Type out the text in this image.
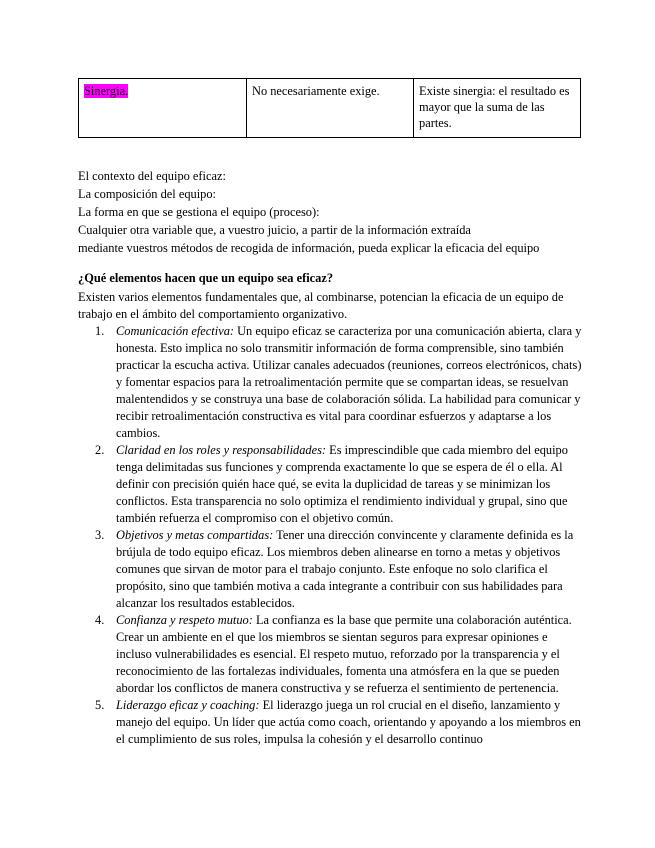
Sinergia.	No necesariamente exige.	Existe sinergia: el resultado es mayor que la suma de las partes.
El contexto del equipo eficaz:
La composición del equipo:
La forma en que se gestiona el equipo (proceso):
Cualquier otra variable que, a vuestro juicio, a partir de la información extraída
mediante vuestros métodos de recogida de información, pueda explicar la eficacia del equipo
¿Qué elementos hacen que un equipo sea eficaz?

Existen varios elementos fundamentales que, al combinarse, potencian la eficacia de un equipo de trabajo en el ámbito del comportamiento organizativo.

1. Comunicación efectiva: Un equipo eficaz se caracteriza por una comunicación abierta, clara y honesta. Esto implica no solo transmitir información de forma comprensible, sino también practicar la escucha activa. Utilizar canales adecuados (reuniones, correos electrónicos, chats) y fomentar espacios para la retroalimentación permite que se compartan ideas, se resuelvan malentendidos y se construya una base de colaboración sólida. La habilidad para comunicar y recibir retroalimentación constructiva es vital para coordinar esfuerzos y adaptarse a los cambios.
2. Claridad en los roles y responsabilidades: Es imprescindible que cada miembro del equipo tenga delimitadas sus funciones y comprenda exactamente lo que se espera de él o ella. Al definir con precisión quién hace qué, se evita la duplicidad de tareas y se minimizan los conflictos. Esta transparencia no solo optimiza el rendimiento individual y grupal, sino que también refuerza el compromiso con el objetivo común.
3. Objetivos y metas compartidas: Tener una dirección convincente y claramente definida es la brújula de todo equipo eficaz. Los miembros deben alinearse en torno a metas y objetivos comunes que sirvan de motor para el trabajo conjunto. Este enfoque no solo clarifica el propósito, sino que también motiva a cada integrante a contribuir con sus habilidades para alcanzar los resultados establecidos.
4. Confianza y respeto mutuo: La confianza es la base que permite una colaboración auténtica. Crear un ambiente en el que los miembros se sientan seguros para expresar opiniones e incluso vulnerabilidades es esencial. El respeto mutuo, reforzado por la transparencia y el reconocimiento de las fortalezas individuales, fomenta una atmósfera en la que se pueden abordar los conflictos de manera constructiva y se refuerza el sentimiento de pertenencia.
5. Liderazgo eficaz y coaching: El liderazgo juega un rol crucial en el diseño, lanzamiento y manejo del equipo. Un líder que actúa como coach, orientando y apoyando a los miembros en el cumplimiento de sus roles, impulsa la cohesión y el desarrollo continuo
